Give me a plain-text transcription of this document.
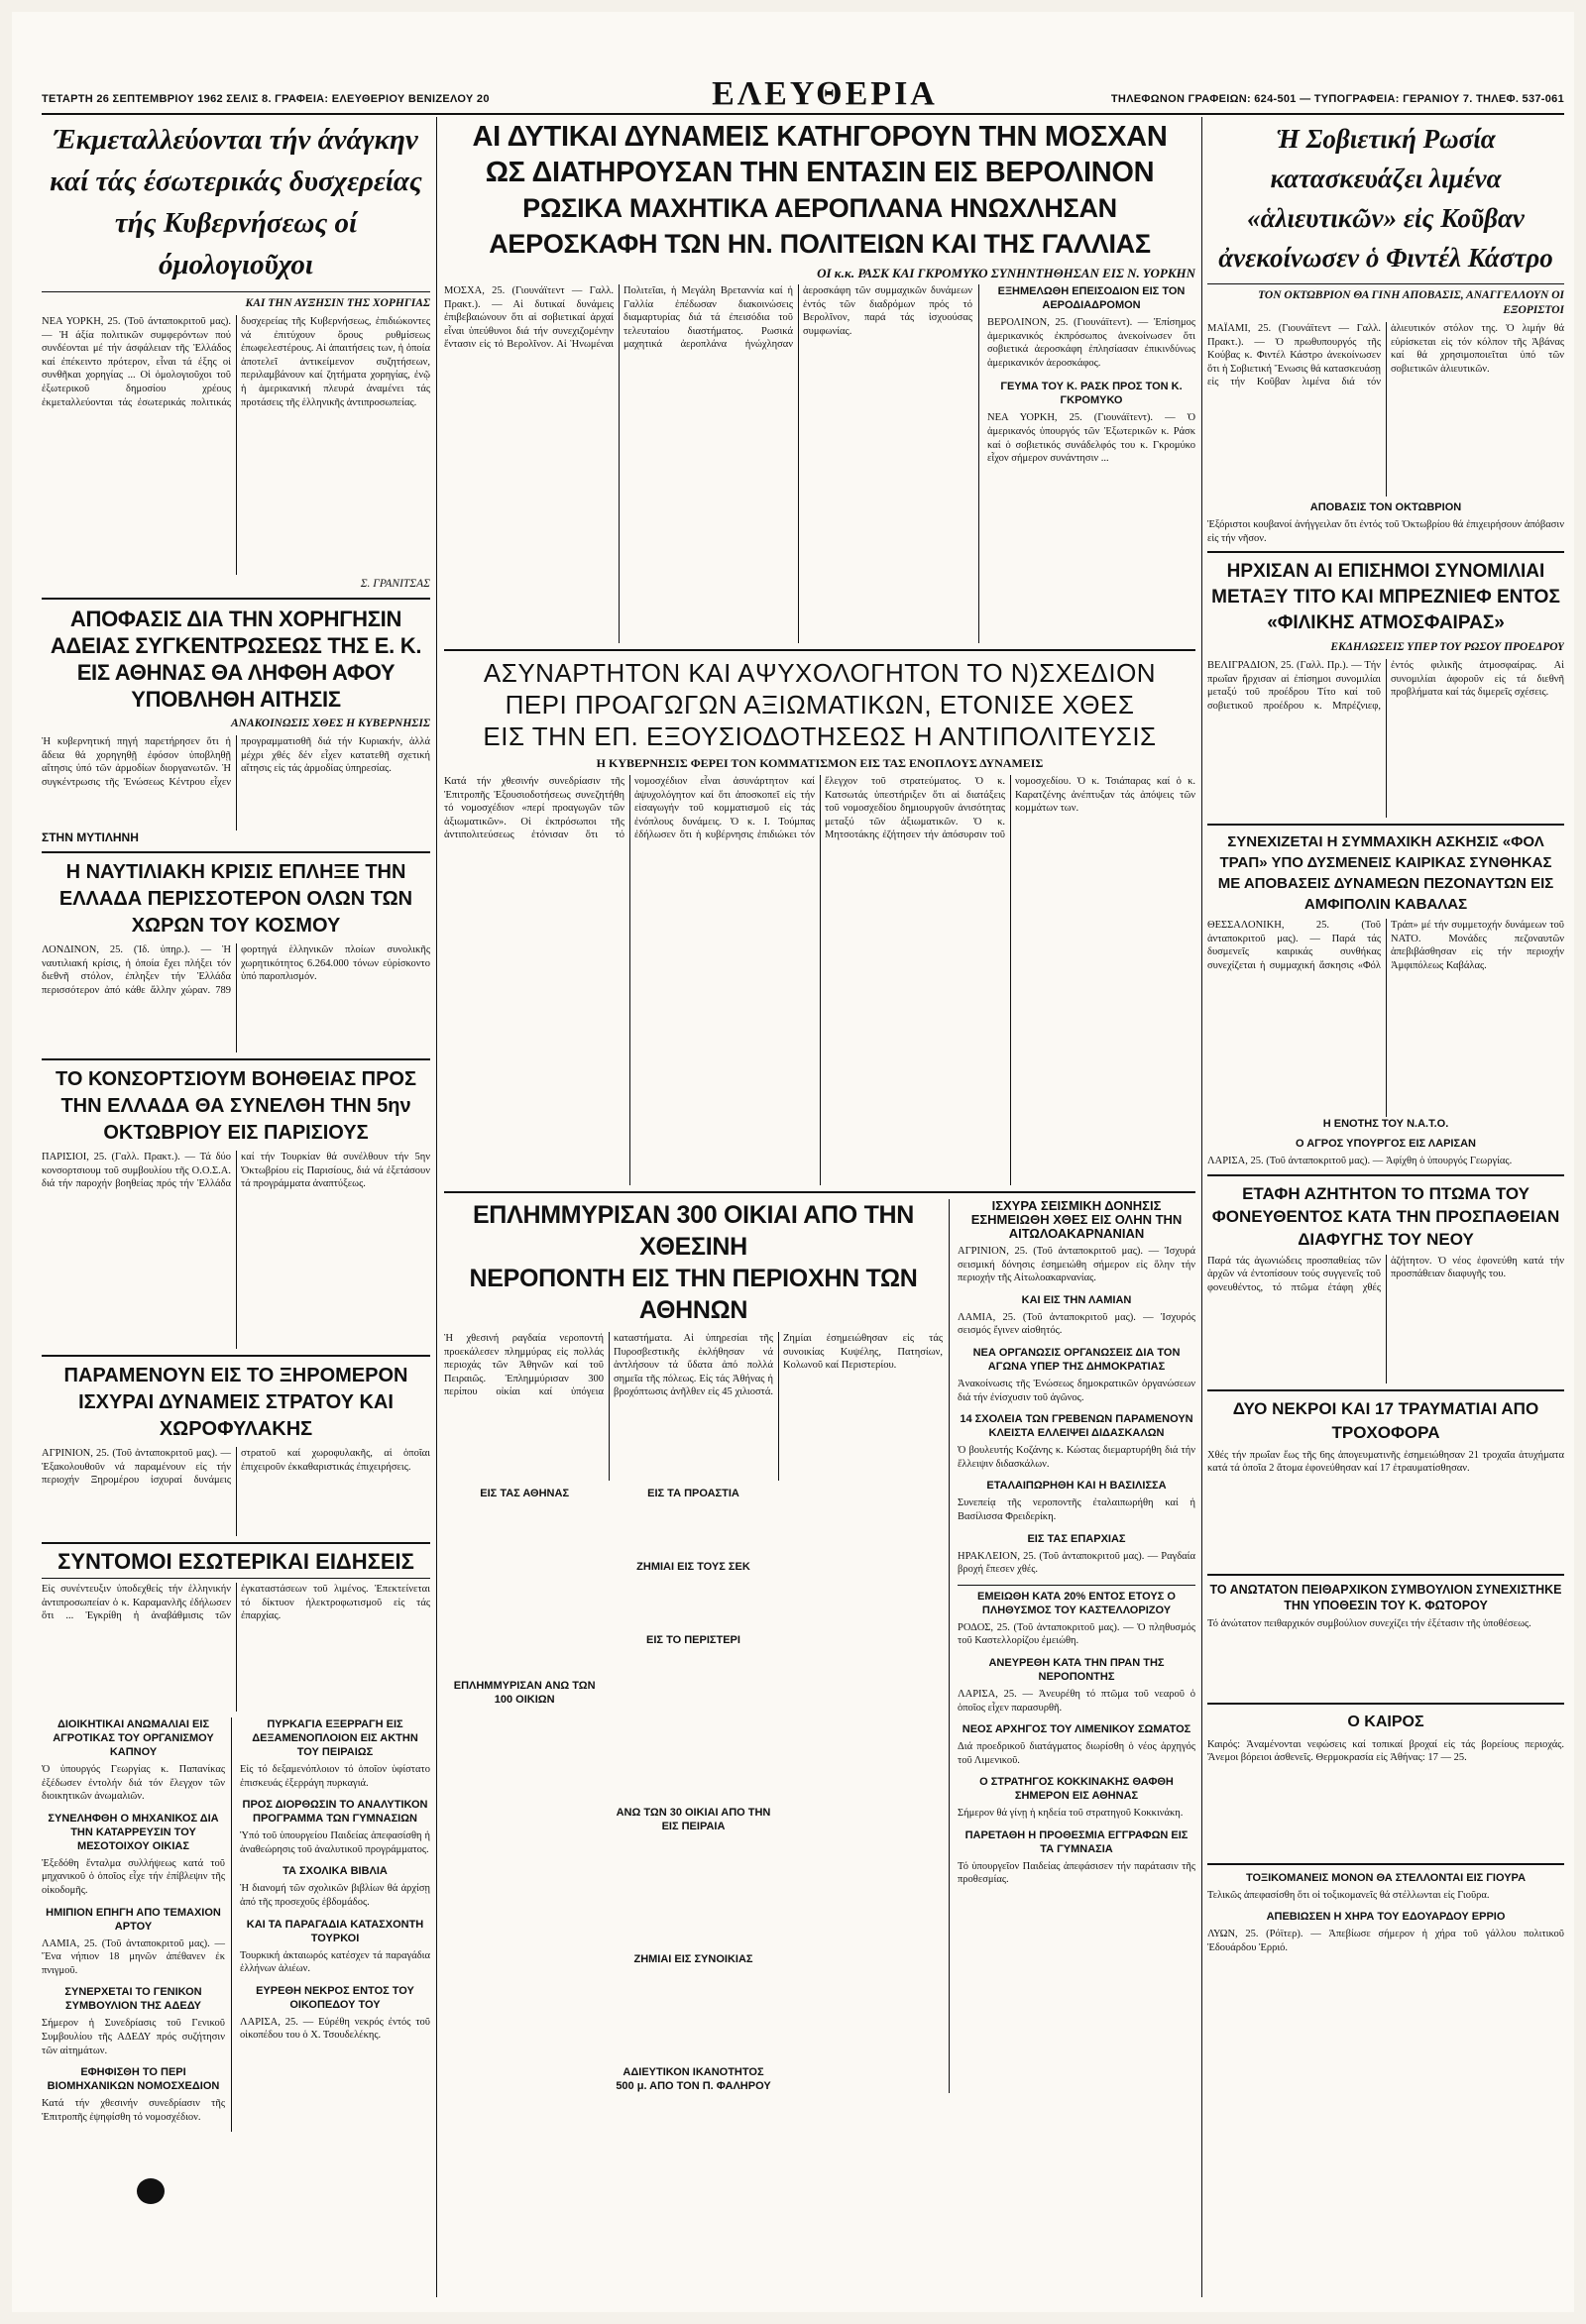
ΤΕΤΑΡΤΗ 26 ΣΕΠΤΕΜΒΡΙΟΥ 1962 ΣΕΛΙΣ 8. ΓΡΑΦΕΙΑ: ΕΛΕΥΘΕΡΙΟΥ ΒΕΝΙΖΕΛΟΥ 20	ΕΛΕΥΘΕΡΙΑ	ΤΗΛΕΦΩΝΟΝ ΓΡΑΦΕΙΩΝ: 624-501 — ΤΥΠΟΓΡΑΦΕΙΑ: ΓΕΡΑΝΙΟΥ 7. ΤΗΛΕΦ. 537-061
Έκμεταλλεύονται τήν άνάγκην καί τάς έσωτερικάς δυσχερείας τής Κυβερνήσεως οί όμολογιοῦχοι
ΚΑΙ ΤΗΝ ΑΥΞΗΣΙΝ ΤΗΣ ΧΟΡΗΓΙΑΣ
ΝΕΑ ΥΟΡΚΗ, 25. (Τοῦ άνταποκριτοῦ μας). — Ἡ άξία πολιτικῶν συμφερόντων πού συνδέονται μέ τήν άσφάλειαν τῆς Ἑλλάδος καί ἐπέκειντο πρότερον, εἶναι τά έξης οἱ συνθῆκαι χορηγίας ... Οἱ ὁμολογιοῦχοι τοῦ ἐξωτερικοῦ δημοσίου χρέους ἐκμεταλλεύονται τάς ἐσωτερικάς πολιτικάς δυσχερείας τῆς Κυβερνήσεως, ἐπιδιώκοντες νά ἐπιτύχουν ὅρους ρυθμίσεως ἐπωφελεστέρους. Αἱ ἀπαιτήσεις των, ἡ ὁποία ἀποτελεῖ ἀντικείμενον συζητήσεων, περιλαμβάνουν καί ζητήματα χορηγίας, ἐνῷ ἡ ἀμερικανική πλευρά ἀναμένει τάς προτάσεις τῆς ἑλληνικῆς ἀντιπροσωπείας.
Σ. ΓΡΑΝΙΤΣΑΣ
ΑΠΟΦΑΣΙΣ ΔΙΑ ΤΗΝ ΧΟΡΗΓΗΣΙΝ ΑΔΕΙΑΣ ΣΥΓΚΕΝΤΡΩΣΕΩΣ ΤΗΣ Ε. Κ. ΕΙΣ ΑΘΗΝΑΣ ΘΑ ΛΗΦΘΗ ΑΦΟΥ ΥΠΟΒΛΗΘΗ ΑΙΤΗΣΙΣ
ΑΝΑΚΟΙΝΩΣΙΣ ΧΘΕΣ Η ΚΥΒΕΡΝΗΣΙΣ
Ἡ κυβερνητική πηγή παρετήρησεν ὅτι ἡ ἄδεια θά χορηγηθῇ ἐφόσον ὑποβληθῇ αἴτησις ὑπό τῶν ἀρμοδίων διοργανωτῶν. Ἡ συγκέντρωσις τῆς Ἑνώσεως Κέντρου εἶχεν προγραμματισθῆ διά τήν Κυριακήν, ἀλλά μέχρι χθές δέν εἶχεν κατατεθῆ σχετική αἴτησις εἰς τάς ἀρμοδίας ὑπηρεσίας.
ΣΤΗΝ ΜΥΤΙΛΗΝΗ
Η ΝΑΥΤΙΛΙΑΚΗ ΚΡΙΣΙΣ ΕΠΛΗΞΕ ΤΗΝ ΕΛΛΑΔΑ ΠΕΡΙΣΣΟΤΕΡΟΝ ΟΛΩΝ ΤΩΝ ΧΩΡΩΝ ΤΟΥ ΚΟΣΜΟΥ
ΛΟΝΔΙΝΟΝ, 25. (Ἰδ. ὑπηρ.). — Ἡ ναυτιλιακή κρίσις, ἡ ὁποία ἔχει πλήξει τόν διεθνῆ στόλον, ἐπληξεν τήν Ἑλλάδα περισσότερον ἀπό κάθε ἄλλην χώραν. 789 φορτηγά ἑλληνικῶν πλοίων συνολικῆς χωρητικότητος 6.264.000 τόνων εὑρίσκοντο ὑπό παροπλισμόν.
ΤΟ ΚΟΝΣΟΡΤΣΙΟΥΜ ΒΟΗΘΕΙΑΣ ΠΡΟΣ ΤΗΝ ΕΛΛΑΔΑ ΘΑ ΣΥΝΕΛΘΗ ΤΗΝ 5ην ΟΚΤΩΒΡΙΟΥ ΕΙΣ ΠΑΡΙΣΙΟΥΣ
ΠΑΡΙΣΙΟΙ, 25. (Γαλλ. Πρακτ.). — Τά δύο κονσορτσιουμ τοῦ συμβουλίου τῆς Ο.Ο.Σ.Α. διά τήν παροχήν βοηθείας πρός τήν Ἑλλάδα καί τήν Τουρκίαν θά συνέλθουν τήν 5ην Ὀκτωβρίου εἰς Παρισίους, διά νά ἐξετάσουν τά προγράμματα ἀναπτύξεως.
ΠΑΡΑΜΕΝΟΥΝ ΕΙΣ ΤΟ ΞΗΡΟΜΕΡΟΝ ΙΣΧΥΡΑΙ ΔΥΝΑΜΕΙΣ ΣΤΡΑΤΟΥ ΚΑΙ ΧΩΡΟΦΥΛΑΚΗΣ
ΑΓΡΙΝΙΟΝ, 25. (Τοῦ ἀνταποκριτοῦ μας). — Ἐξακολουθοῦν νά παραμένουν εἰς τήν περιοχήν Ξηρομέρου ἰσχυραί δυνάμεις στρατοῦ καί χωροφυλακῆς, αἱ ὁποῖαι ἐπιχειροῦν ἐκκαθαριστικάς ἐπιχειρήσεις.
ΣΥΝΤΟΜΟΙ ΕΣΩΤΕΡΙΚΑΙ ΕΙΔΗΣΕΙΣ
Εἰς συνέντευξιν ὑποδεχθείς τήν ἑλληνικήν ἀντιπροσωπείαν ὁ κ. Καραμανλῆς ἐδήλωσεν ὅτι ... Ἐγκρίθη ἡ ἀναβάθμισις τῶν ἐγκαταστάσεων τοῦ λιμένος. Ἐπεκτείνεται τό δίκτυον ἠλεκτροφωτισμοῦ εἰς τάς ἐπαρχίας.
ΔΙΟΙΚΗΤΙΚΑΙ ΑΝΩΜΑΛΙΑΙ ΕΙΣ ΑΓΡΟΤΙΚΑΣ ΤΟΥ ΟΡΓΑΝΙΣΜΟΥ ΚΑΠΝΟΥ
Ὁ ὑπουργός Γεωργίας κ. Παπανίκας ἐξέδωσεν ἐντολήν διά τόν ἔλεγχον τῶν διοικητικῶν ἀνωμαλιῶν.
ΣΥΝΕΛΗΦΘΗ Ο ΜΗΧΑΝΙΚΟΣ ΔΙΑ ΤΗΝ ΚΑΤΑΡΡΕΥΣΙΝ ΤΟΥ ΜΕΣΟΤΟΙΧΟΥ ΟΙΚΙΑΣ
Ἐξεδόθη ἔνταλμα συλλήψεως κατά τοῦ μηχανικοῦ ὁ ὁποῖος εἶχε τήν ἐπίβλεψιν τῆς οἰκοδομῆς.
ΗΜΙΠΙΟΝ ΕΠΗΓΗ ΑΠΟ ΤΕΜΑΧΙΟΝ ΑΡΤΟΥ
ΛΑΜΙΑ, 25. (Τοῦ ἀνταποκριτοῦ μας). — Ἕνα νήπιον 18 μηνῶν ἀπέθανεν ἐκ πνιγμοῦ.
ΣΥΝΕΡΧΕΤΑΙ ΤΟ ΓΕΝΙΚΟΝ ΣΥΜΒΟΥΛΙΟΝ ΤΗΣ ΑΔΕΔΥ
Σήμερον ἡ Συνεδρίασις τοῦ Γενικοῦ Συμβουλίου τῆς ΑΔΕΔΥ πρός συζήτησιν τῶν αἰτημάτων.
ΕΦΗΦΙΣΘΗ ΤΟ ΠΕΡΙ ΒΙΟΜΗΧΑΝΙΚΩΝ ΝΟΜΟΣΧΕΔΙΟΝ
Κατά τήν χθεσινήν συνεδρίασιν τῆς Ἐπιτροπῆς ἐψηφίσθη τό νομοσχέδιον.
ΠΥΡΚΑΓΙΑ ΕΞΕΡΡΑΓΗ ΕΙΣ ΔΕΞΑΜΕΝΟΠΛΟΙΟΝ ΕΙΣ ΑΚΤΗΝ ΤΟΥ ΠΕΙΡΑΙΩΣ
Εἰς τό δεξαμενόπλοιον τό ὁποῖον ὑφίστατο ἐπισκευάς ἐξερράγη πυρκαγιά.
ΠΡΟΣ ΔΙΟΡΘΩΣΙΝ ΤΟ ΑΝΑΛΥΤΙΚΟΝ ΠΡΟΓΡΑΜΜΑ ΤΩΝ ΓΥΜΝΑΣΙΩΝ
Ὑπό τοῦ ὑπουργείου Παιδείας ἀπεφασίσθη ἡ ἀναθεώρησις τοῦ ἀναλυτικοῦ προγράμματος.
ΤΑ ΣΧΟΛΙΚΑ ΒΙΒΛΙΑ
Ἡ διανομή τῶν σχολικῶν βιβλίων θά ἀρχίσῃ ἀπό τῆς προσεχοῦς ἑβδομάδος.
ΚΑΙ ΤΑ ΠΑΡΑΓΑΔΙΑ ΚΑΤΑΣΧΟΝΤΗ ΤΟΥΡΚΟΙ
Τουρκική ἀκταιωρός κατέσχεν τά παραγάδια ἑλλήνων ἁλιέων.
ΕΥΡΕΘΗ ΝΕΚΡΟΣ ΕΝΤΟΣ ΤΟΥ ΟΙΚΟΠΕΔΟΥ ΤΟΥ
ΛΑΡΙΣΑ, 25. — Εὑρέθη νεκρός ἐντός τοῦ οἰκοπέδου του ὁ Χ. Τσουδελέκης.
ΑΙ ΔΥΤΙΚΑΙ ΔΥΝΑΜΕΙΣ ΚΑΤΗΓΟΡΟΥΝ ΤΗΝ ΜΟΣΧΑΝ
ΩΣ ΔΙΑΤΗΡΟΥΣΑΝ ΤΗΝ ΕΝΤΑΣΙΝ ΕΙΣ ΒΕΡΟΛΙΝΟΝ
ΡΩΣΙΚΑ ΜΑΧΗΤΙΚΑ ΑΕΡΟΠΛΑΝΑ ΗΝΩΧΛΗΣΑΝ
ΑΕΡΟΣΚΑΦΗ ΤΩΝ ΗΝ. ΠΟΛΙΤΕΙΩΝ ΚΑΙ ΤΗΣ ΓΑΛΛΙΑΣ
ΟΙ κ.κ. ΡΑΣΚ ΚΑΙ ΓΚΡΟΜΥΚΟ ΣΥΝΗΝΤΗΘΗΣΑΝ ΕΙΣ Ν. ΥΟΡΚΗΝ
ΜΟΣΧΑ, 25. (Γιουνάϊτεντ — Γαλλ. Πρακτ.). — Αἱ δυτικαί δυνάμεις ἐπιβεβαιώνουν ὅτι αἱ σοβιετικαί ἀρχαί εἶναι ὑπεύθυνοι διά τήν συνεχιζομένην ἔντασιν εἰς τό Βερολῖνον. Αἱ Ἡνωμέναι Πολιτεῖαι, ἡ Μεγάλη Βρεταννία καί ἡ Γαλλία ἐπέδωσαν διακοινώσεις διαμαρτυρίας διά τά ἐπεισόδια τοῦ τελευταίου διαστήματος. Ρωσικά μαχητικά ἀεροπλάνα ἠνώχλησαν ἀεροσκάφη τῶν συμμαχικῶν δυνάμεων ἐντός τῶν διαδρόμων πρός τό Βερολῖνον, παρά τάς ἰσχυούσας συμφωνίας.
ΕΞΗΜΕΛΩΘΗ ΕΠΕΙΣΟΔΙΟΝ ΕΙΣ ΤΟΝ ΑΕΡΟΔΙΑΔΡΟΜΟΝ
ΒΕΡΟΛΙΝΟΝ, 25. (Γιουνάϊτεντ). — Ἐπίσημος ἀμερικανικός ἐκπρόσωπος ἀνεκοίνωσεν ὅτι σοβιετικά ἀεροσκάφη ἐπλησίασαν ἐπικινδύνως ἀμερικανικόν ἀεροσκάφος.
ΓΕΥΜΑ ΤΟΥ Κ. ΡΑΣΚ ΠΡΟΣ ΤΟΝ Κ. ΓΚΡΟΜΥΚΟ
ΝΕΑ ΥΟΡΚΗ, 25. (Γιουνάϊτεντ). — Ὁ ἀμερικανός ὑπουργός τῶν Ἐξωτερικῶν κ. Ράσκ καί ὁ σοβιετικός συνάδελφός του κ. Γκρομύκο εἶχον σήμερον συνάντησιν ...
ΑΣΥΝΑΡΤΗΤΟΝ ΚΑΙ ΑΨΥΧΟΛΟΓΗΤΟΝ ΤΟ Ν)ΣΧΕΔΙΟΝ
ΠΕΡΙ ΠΡΟΑΓΩΓΩΝ ΑΞΙΩΜΑΤΙΚΩΝ, ΕΤΟΝΙΣΕ ΧΘΕΣ
ΕΙΣ ΤΗΝ ΕΠ. ΕΞΟΥΣΙΟΔΟΤΗΣΕΩΣ Η ΑΝΤΙΠΟΛΙΤΕΥΣΙΣ
Η ΚΥΒΕΡΝΗΣΙΣ ΦΕΡΕΙ ΤΟΝ ΚΟΜΜΑΤΙΣΜΟΝ ΕΙΣ ΤΑΣ ΕΝΟΠΛΟΥΣ ΔΥΝΑΜΕΙΣ
Κατά τήν χθεσινήν συνεδρίασιν τῆς Ἐπιτροπῆς Ἐξουσιοδοτήσεως συνεζητήθη τό νομοσχέδιον «περί προαγωγῶν τῶν ἀξιωματικῶν». Οἱ ἐκπρόσωποι τῆς ἀντιπολιτεύσεως ἐτόνισαν ὅτι τό νομοσχέδιον εἶναι ἀσυνάρτητον καί ἀψυχολόγητον καί ὅτι ἀποσκοπεῖ εἰς τήν εἰσαγωγήν τοῦ κομματισμοῦ εἰς τάς ἐνόπλους δυνάμεις. Ὁ κ. Ι. Τούμπας ἐδήλωσεν ὅτι ἡ κυβέρνησις ἐπιδιώκει τόν ἔλεγχον τοῦ στρατεύματος. Ὁ κ. Κατσωτάς ὑπεστήριξεν ὅτι αἱ διατάξεις τοῦ νομοσχεδίου δημιουργοῦν ἀνισότητας μεταξύ τῶν ἀξιωματικῶν. Ὁ κ. Μητσοτάκης ἐζήτησεν τήν ἀπόσυρσιν τοῦ νομοσχεδίου. Ὁ κ. Τσιάπαρας καί ὁ κ. Καρατζένης ἀνέπτυξαν τάς ἀπόψεις τῶν κομμάτων των.
ΕΠΛΗΜΜΥΡΙΣΑΝ 300 ΟΙΚΙΑΙ ΑΠΟ ΤΗΝ ΧΘΕΣΙΝΗ
ΝΕΡΟΠΟΝΤΗ ΕΙΣ ΤΗΝ ΠΕΡΙΟΧΗΝ ΤΩΝ ΑΘΗΝΩΝ
Ἡ χθεσινή ραγδαία νεροποντή προεκάλεσεν πλημμύρας εἰς πολλάς περιοχάς τῶν Ἀθηνῶν καί τοῦ Πειραιῶς. Ἐπλημμύρισαν 300 περίπου οἰκίαι καί ὑπόγεια καταστήματα. Αἱ ὑπηρεσίαι τῆς Πυροσβεστικῆς ἐκλήθησαν νά ἀντλήσουν τά ὕδατα ἀπό πολλά σημεῖα τῆς πόλεως. Εἰς τάς Ἀθήνας ἡ βροχόπτωσις ἀνῆλθεν εἰς 45 χιλιοστά. Ζημίαι ἐσημειώθησαν εἰς τάς συνοικίας Κυψέλης, Πατησίων, Κολωνοῦ καί Περιστερίου.
ΕΙΣ ΤΑΣ ΑΘΗΝΑΣ
ΕΠΛΗΜΜΥΡΙΣΑΝ ΑΝΩ ΤΩΝ 100 ΟΙΚΙΩΝ
ΕΙΣ ΤΑ ΠΡΟΑΣΤΙΑ
ΖΗΜΙΑΙ ΕΙΣ ΤΟΥΣ ΣΕΚ
ΕΙΣ ΤΟ ΠΕΡΙΣΤΕΡΙ
ΑΝΩ ΤΩΝ 30 ΟΙΚΙΑΙ ΑΠΟ ΤΗΝ ΕΙΣ ΠΕΙΡΑΙΑ
ΖΗΜΙΑΙ ΕΙΣ ΣΥΝΟΙΚΙΑΣ
ΑΔΙΕΥΤΙΚΟΝ ΙΚΑΝΟΤΗΤΟΣ 500 μ. ΑΠΟ ΤΟΝ Π. ΦΑΛΗΡΟΥ
ΙΣΧΥΡΑ ΣΕΙΣΜΙΚΗ ΔΟΝΗΣΙΣ ΕΣΗΜΕΙΩΘΗ ΧΘΕΣ ΕΙΣ ΟΛΗΝ ΤΗΝ ΑΙΤΩΛΟΑΚΑΡΝΑΝΙΑΝ
ΑΓΡΙΝΙΟΝ, 25. (Τοῦ ἀνταποκριτοῦ μας). — Ἰσχυρά σεισμική δόνησις ἐσημειώθη σήμερον εἰς ὅλην τήν περιοχήν τῆς Αἰτωλοακαρνανίας.
ΚΑΙ ΕΙΣ ΤΗΝ ΛΑΜΙΑΝ
ΛΑΜΙΑ, 25. (Τοῦ ἀνταποκριτοῦ μας). — Ἰσχυρός σεισμός ἔγινεν αἰσθητός.
ΝΕΑ ΟΡΓΑΝΩΣΙΣ ΟΡΓΑΝΩΣΕΙΣ ΔΙΑ ΤΟΝ ΑΓΩΝΑ ΥΠΕΡ ΤΗΣ ΔΗΜΟΚΡΑΤΙΑΣ
Ἀνακοίνωσις τῆς Ἐνώσεως δημοκρατικῶν ὀργανώσεων διά τήν ἐνίσχυσιν τοῦ ἀγῶνος.
14 ΣΧΟΛΕΙΑ ΤΩΝ ΓΡΕΒΕΝΩΝ ΠΑΡΑΜΕΝΟΥΝ ΚΛΕΙΣΤΑ ΕΛΛΕΙΨΕΙ ΔΙΔΑΣΚΑΛΩΝ
Ὁ βουλευτής Κοζάνης κ. Κώστας διεμαρτυρήθη διά τήν ἔλλειψιν διδασκάλων.
ΕΤΑΛΑΙΠΩΡΗΘΗ ΚΑΙ Η ΒΑΣΙΛΙΣΣΑ
Συνεπείᾳ τῆς νεροποντῆς ἐταλαιπωρήθη καί ἡ Βασίλισσα Φρειδερίκη.
ΕΙΣ ΤΑΣ ΕΠΑΡΧΙΑΣ
ΗΡΑΚΛΕΙΟΝ, 25. (Τοῦ ἀνταποκριτοῦ μας). — Ραγδαία βροχή ἔπεσεν χθές.
ΕΜΕΙΩΘΗ ΚΑΤΑ 20% ΕΝΤΟΣ ΕΤΟΥΣ Ο ΠΛΗΘΥΣΜΟΣ ΤΟΥ ΚΑΣΤΕΛΛΟΡΙΖΟΥ
ΡΟΔΟΣ, 25. (Τοῦ ἀνταποκριτοῦ μας). — Ὁ πληθυσμός τοῦ Καστελλορίζου ἐμειώθη.
ΑΝΕΥΡΕΘΗ ΚΑΤΑ ΤΗΝ ΠΡΑΝ ΤΗΣ ΝΕΡΟΠΟΝΤΗΣ
ΛΑΡΙΣΑ, 25. — Ἀνευρέθη τό πτῶμα τοῦ νεαροῦ ὁ ὁποῖος εἶχεν παρασυρθῆ.
ΝΕΟΣ ΑΡΧΗΓΟΣ ΤΟΥ ΛΙΜΕΝΙΚΟΥ ΣΩΜΑΤΟΣ
Διά προεδρικοῦ διατάγματος διωρίσθη ὁ νέος ἀρχηγός τοῦ Λιμενικοῦ.
Ο ΣΤΡΑΤΗΓΟΣ ΚΟΚΚΙΝΑΚΗΣ ΘΑΦΘΗ ΣΗΜΕΡΟΝ ΕΙΣ ΑΘΗΝΑΣ
Σήμερον θά γίνῃ ἡ κηδεία τοῦ στρατηγοῦ Κοκκινάκη.
ΠΑΡΕΤΑΘΗ Η ΠΡΟΘΕΣΜΙΑ ΕΓΓΡΑΦΩΝ ΕΙΣ ΤΑ ΓΥΜΝΑΣΙΑ
Τό ὑπουργεῖον Παιδείας ἀπεφάσισεν τήν παράτασιν τῆς προθεσμίας.
Ἡ Σοβιετική Ρωσία κατασκευάζει λιμένα «ἁλιευτικῶν» εἰς Κοῦβαν ἀνεκοίνωσεν ὁ Φιντέλ Κάστρο
ΤΟΝ ΟΚΤΩΒΡΙΟΝ ΘΑ ΓΙΝΗ ΑΠΟΒΑΣΙΣ, ΑΝΑΓΓΕΛΛΟΥΝ ΟΙ ΕΞΟΡΙΣΤΟΙ
ΜΑΪΑΜΙ, 25. (Γιουνάϊτεντ — Γαλλ. Πρακτ.). — Ὁ πρωθυπουργός τῆς Κούβας κ. Φιντέλ Κάστρο ἀνεκοίνωσεν ὅτι ἡ Σοβιετική Ἕνωσις θά κατασκευάσῃ εἰς τήν Κοῦβαν λιμένα διά τόν ἁλιευτικόν στόλον της. Ὁ λιμήν θά εὑρίσκεται εἰς τόν κόλπον τῆς Ἀβάνας καί θά χρησιμοποιεῖται ὑπό τῶν σοβιετικῶν ἁλιευτικῶν.
ΑΠΟΒΑΣΙΣ ΤΟΝ ΟΚΤΩΒΡΙΟΝ
Ἐξόριστοι κουβανοί ἀνήγγειλαν ὅτι ἐντός τοῦ Ὀκτωβρίου θά ἐπιχειρήσουν ἀπόβασιν εἰς τήν νῆσον.
ΗΡΧΙΣΑΝ ΑΙ ΕΠΙΣΗΜΟΙ ΣΥΝΟΜΙΛΙΑΙ ΜΕΤΑΞΥ ΤΙΤΟ ΚΑΙ ΜΠΡΕΖΝΙΕΦ ΕΝΤΟΣ «ΦΙΛΙΚΗΣ ΑΤΜΟΣΦΑΙΡΑΣ»
ΕΚΔΗΛΩΣΕΙΣ ΥΠΕΡ ΤΟΥ ΡΩΣΟΥ ΠΡΟΕΔΡΟΥ
ΒΕΛΙΓΡΑΔΙΟΝ, 25. (Γαλλ. Πρ.). — Τήν πρωΐαν ἤρχισαν αἱ ἐπίσημοι συνομιλίαι μεταξύ τοῦ προέδρου Τίτο καί τοῦ σοβιετικοῦ προέδρου κ. Μπρέζνιεφ, ἐντός φιλικῆς ἀτμοσφαίρας. Αἱ συνομιλίαι ἀφοροῦν εἰς τά διεθνῆ προβλήματα καί τάς διμερεῖς σχέσεις.
ΣΥΝΕΧΙΖΕΤΑΙ Η ΣΥΜΜΑΧΙΚΗ ΑΣΚΗΣΙΣ «ΦΟΛ ΤΡΑΠ» ΥΠΟ ΔΥΣΜΕΝΕΙΣ ΚΑΙΡΙΚΑΣ ΣΥΝΘΗΚΑΣ ΜΕ ΑΠΟΒΑΣΕΙΣ ΔΥΝΑΜΕΩΝ ΠΕΖΟΝΑΥΤΩΝ ΕΙΣ ΑΜΦΙΠΟΛΙΝ ΚΑΒΑΛΑΣ
ΘΕΣΣΑΛΟΝΙΚΗ, 25. (Τοῦ ἀνταποκριτοῦ μας). — Παρά τάς δυσμενεῖς καιρικάς συνθήκας συνεχίζεται ἡ συμμαχική ἄσκησις «Φόλ Τράπ» μέ τήν συμμετοχήν δυνάμεων τοῦ ΝΑΤΟ. Μονάδες πεζοναυτῶν ἀπεβιβάσθησαν εἰς τήν περιοχήν Ἀμφιπόλεως Καβάλας.
Η ΕΝΟΤΗΣ ΤΟΥ Ν.Α.Τ.Ο.
Ο ΑΓΡΟΣ ΥΠΟΥΡΓΟΣ ΕΙΣ ΛΑΡΙΣΑΝ
ΛΑΡΙΣΑ, 25. (Τοῦ ἀνταποκριτοῦ μας). — Ἀφίχθη ὁ ὑπουργός Γεωργίας.
ΕΤΑΦΗ ΑΖΗΤΗΤΟΝ ΤΟ ΠΤΩΜΑ ΤΟΥ ΦΟΝΕΥΘΕΝΤΟΣ ΚΑΤΑ ΤΗΝ ΠΡΟΣΠΑΘΕΙΑΝ ΔΙΑΦΥΓΗΣ ΤΟΥ ΝΕΟΥ
Παρά τάς ἀγωνιώδεις προσπαθείας τῶν ἀρχῶν νά ἐντοπίσουν τούς συγγενεῖς τοῦ φονευθέντος, τό πτῶμα ἐτάφη χθές ἀζήτητον. Ὁ νέος ἐφονεύθη κατά τήν προσπάθειαν διαφυγῆς του.
ΔΥΟ ΝΕΚΡΟΙ ΚΑΙ 17 ΤΡΑΥΜΑΤΙΑΙ ΑΠΟ ΤΡΟΧΟΦΟΡΑ
Χθές τήν πρωΐαν ἔως τῆς 6ης ἀπογευματινῆς ἐσημειώθησαν 21 τροχαῖα ἀτυχήματα κατά τά ὁποῖα 2 ἄτομα ἐφονεύθησαν καί 17 ἐτραυματίσθησαν.
ΤΟ ΑΝΩΤΑΤΟΝ ΠΕΙΘΑΡΧΙΚΟΝ ΣΥΜΒΟΥΛΙΟΝ ΣΥΝΕΧΙΣΤΗΚΕ ΤΗΝ ΥΠΟΘΕΣΙΝ ΤΟΥ Κ. ΦΩΤΟΡΟΥ
Τό ἀνώτατον πειθαρχικόν συμβούλιον συνεχίζει τήν ἐξέτασιν τῆς ὑποθέσεως.
Ο ΚΑΙΡΟΣ
Καιρός: Ἀναμένονται νεφώσεις καί τοπικαί βροχαί εἰς τάς βορείους περιοχάς. Ἄνεμοι βόρειοι ἀσθενεῖς. Θερμοκρασία εἰς Ἀθήνας: 17 — 25.
ΤΟΞΙΚΟΜΑΝΕΙΣ ΜΟΝΟΝ ΘΑ ΣΤΕΛΛΟΝΤΑΙ ΕΙΣ ΓΙΟΥΡΑ
Τελικῶς ἀπεφασίσθη ὅτι οἱ τοξικομανεῖς θά στέλλωνται εἰς Γιοῦρα.
ΑΠΕΒΙΩΣΕΝ Η ΧΗΡΑ ΤΟΥ ΕΔΟΥΑΡΔΟΥ ΕΡΡΙΟ
ΛΥΩΝ, 25. (Ρόϊτερ). — Ἀπεβίωσε σήμερον ἡ χήρα τοῦ γάλλου πολιτικοῦ Ἐδουάρδου Ἐρριό.
